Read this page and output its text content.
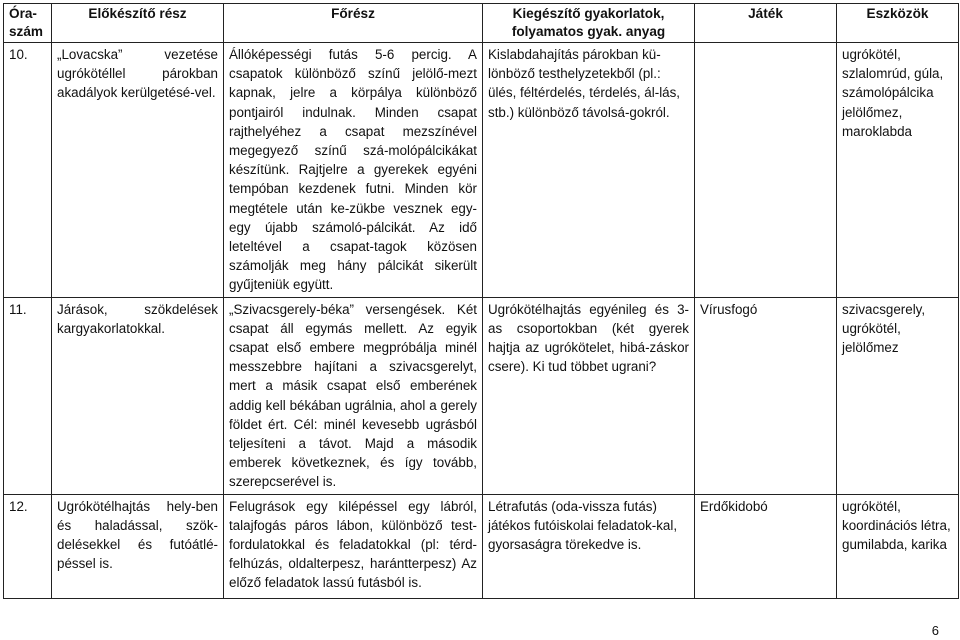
Óra-szám	Előkészítő rész	Főrész	Kiegészítő gyakorlatok, folyamatos gyak. anyag	Játék	Eszközök
10.	„Lovacska” vezetése ugrókötéllel párokban akadályok kerülgetésé-vel.	Állóképességi futás 5-6 percig. A csapatok különböző színű jelölő-mezt kapnak, jelre a körpálya különböző pontjairól indulnak. Minden csapat rajthelyéhez a csapat mezszínével megegyező színű szá-molópálcikákat készítünk. Rajtjelre a gyerekek egyéni tempóban kezdenek futni. Minden kör megtétele után ke-zükbe vesznek egy-egy újabb számoló-pálcikát. Az idő leteltével a csapat-tagok közösen számolják meg hány pálcikát sikerült gyűjteniük együtt.	Kislabdahajítás párokban kü-lönböző testhelyzetekből (pl.: ülés, féltérdelés, térdelés, ál-lás, stb.) különböző távolsá-gokról.		ugrókötél, szlalomrúd, gúla, számolópálcika jelölőmez, maroklabda
11.	Járások, szökdelések kargyakorlatokkal.	„Szivacsgerely-béka” versengések. Két csapat áll egymás mellett. Az egyik csapat első embere megpróbálja minél messzebbre hajítani a szivacsgerelyt, mert a másik csapat első emberének addig kell békában ugrálnia, ahol a gerely földet ért. Cél: minél kevesebb ugrásból teljesíteni a távot. Majd a második emberek következnek, és így tovább, szerepcserével is.	Ugrókötélhajtás egyénileg és 3-as csoportokban (két gyerek hajtja az ugrókötelet, hibá-záskor csere). Ki tud többet ugrani?	Vírusfogó	szivacsgerely, ugrókötél, jelölőmez
12.	Ugrókötélhajtás hely-ben és haladással, szök-delésekkel és futóátlé-péssel is.	Felugrások egy kilépéssel egy lábról, talajfogás páros lábon, különböző test-fordulatokkal és feladatokkal (pl: térd-felhúzás, oldalterpesz, harántterpesz) Az előző feladatok lassú futásból is.	Létrafutás (oda-vissza futás) játékos futóiskolai feladatok-kal, gyorsaságra törekedve is.	Erdőkidobó	ugrókötél, koordinációs létra, gumilabda, karika
6
